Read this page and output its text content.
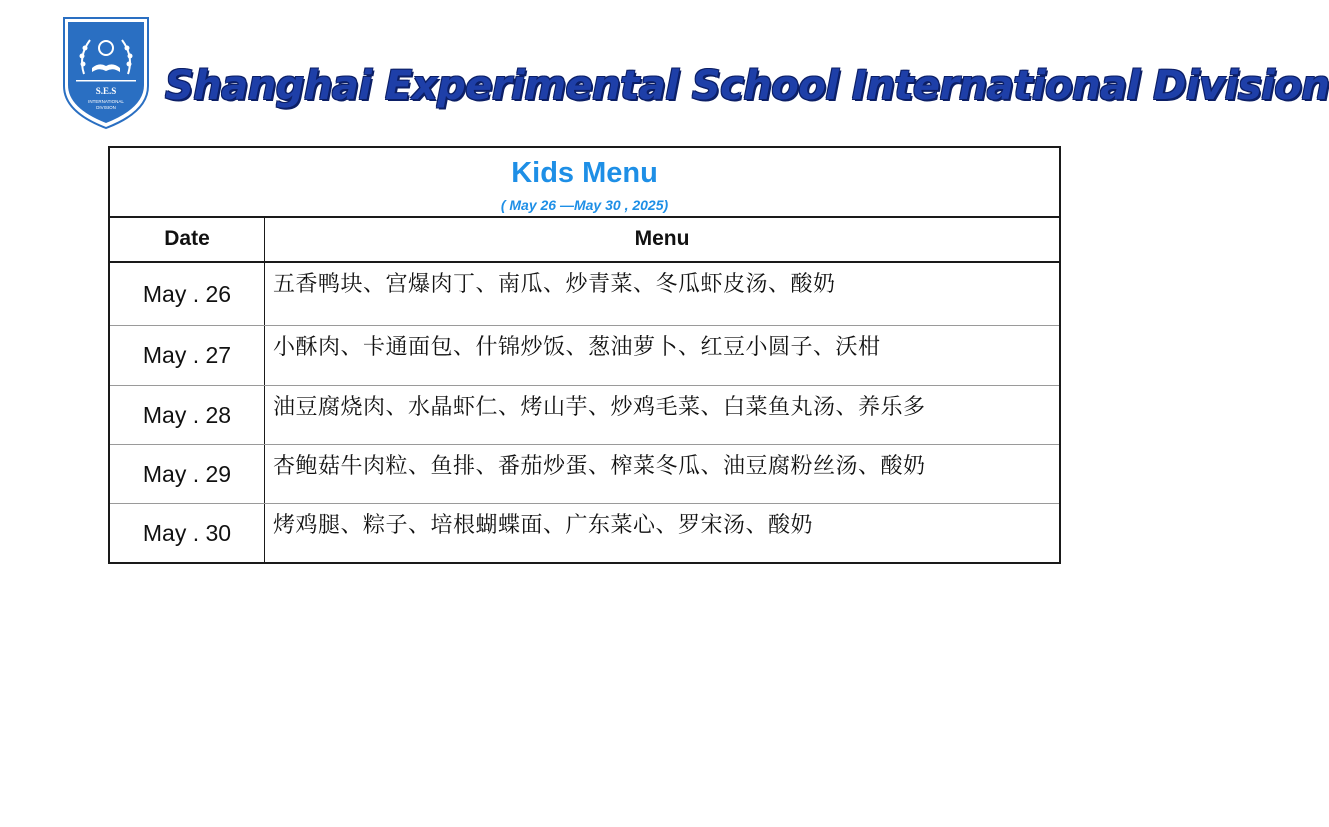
S.E.S
INTERNATIONAL
DIVISION Shanghai Experimental School International Division
Kids Menu
( May 26 —May 30 , 2025)
Date	Menu
May . 26	五香鸭块、宫爆肉丁、南瓜、炒青菜、冬瓜虾皮汤、酸奶
May . 27	小酥肉、卡通面包、什锦炒饭、葱油萝卜、红豆小圆子、沃柑
May . 28	油豆腐烧肉、水晶虾仁、烤山芋、炒鸡毛菜、白菜鱼丸汤、养乐多
May . 29	杏鲍菇牛肉粒、鱼排、番茄炒蛋、榨菜冬瓜、油豆腐粉丝汤、酸奶
May . 30	烤鸡腿、粽子、培根蝴蝶面、广东菜心、罗宋汤、酸奶
